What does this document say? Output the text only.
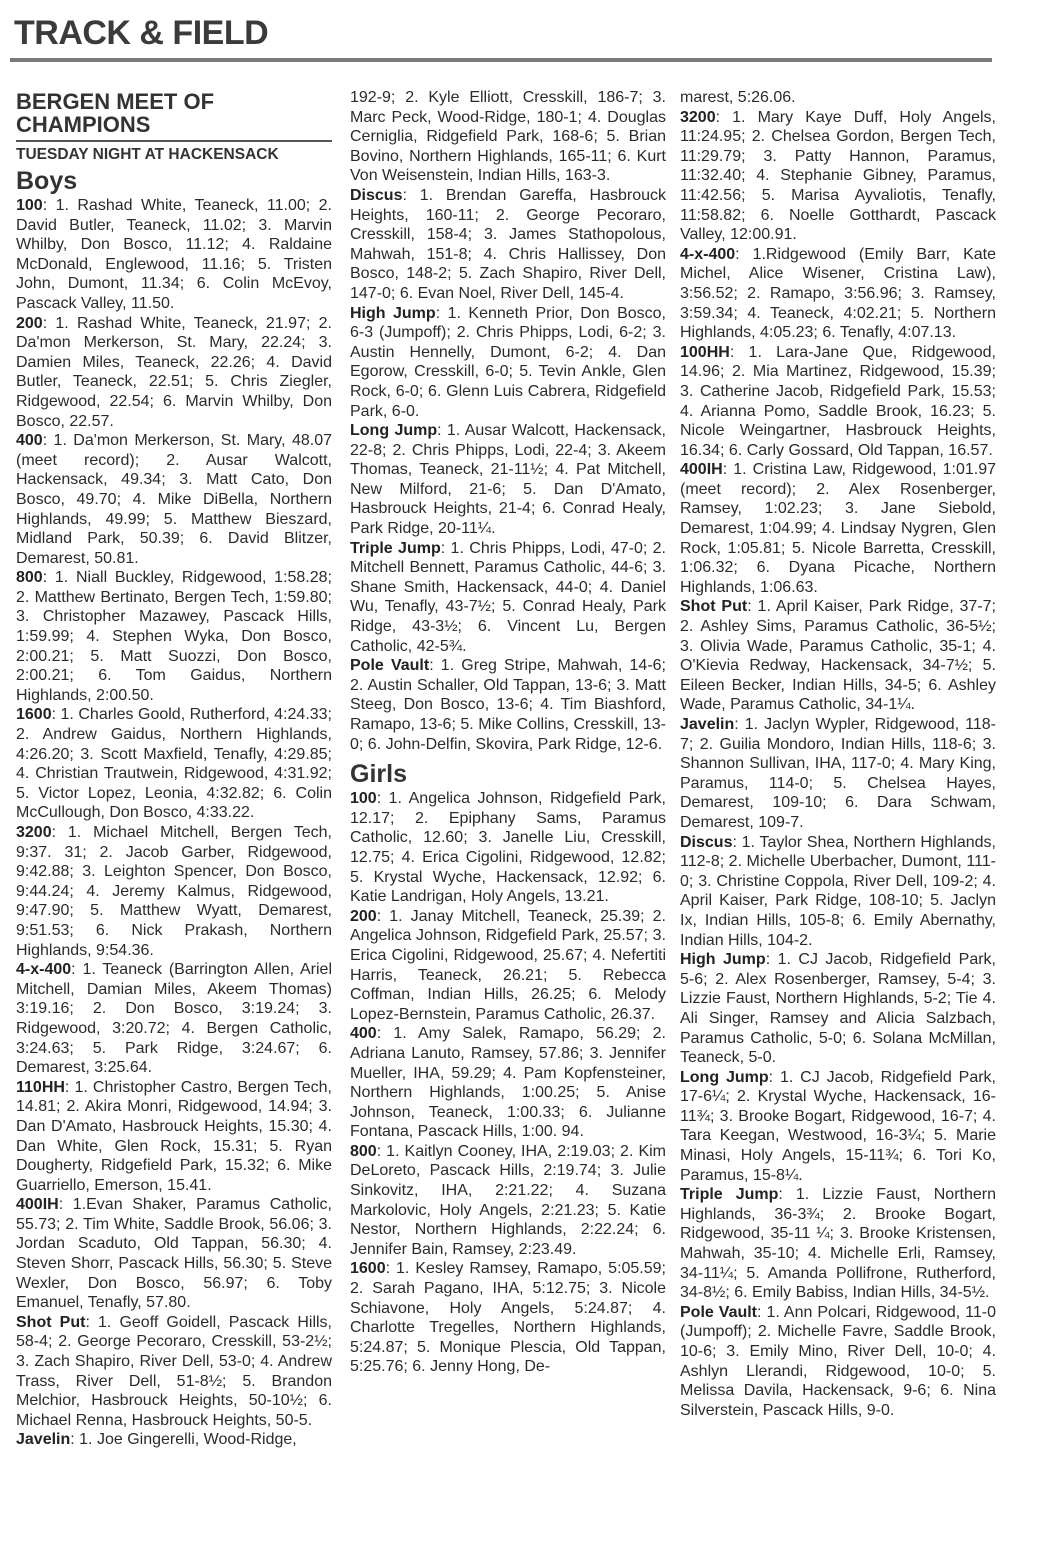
TRACK & FIELD
BERGEN MEET OF CHAMPIONS
TUESDAY NIGHT AT HACKENSACK
Boys

100: 1. Rashad White, Teaneck, 11.00; 2. David Butler, Teaneck, 11.02; 3. Marvin Whilby, Don Bosco, 11.12; 4. Raldaine McDonald, Englewood, 11.16; 5. Tristen John, Dumont, 11.34; 6. Colin McEvoy, Pascack Valley, 11.50.

200: 1. Rashad White, Teaneck, 21.97; 2. Da'mon Merkerson, St. Mary, 22.24; 3. Damien Miles, Teaneck, 22.26; 4. David Butler, Teaneck, 22.51; 5. Chris Ziegler, Ridgewood, 22.54; 6. Marvin Whilby, Don Bosco, 22.57.

400: 1. Da'mon Merkerson, St. Mary, 48.07 (meet record); 2. Ausar Walcott, Hackensack, 49.34; 3. Matt Cato, Don Bosco, 49.70; 4. Mike DiBella, Northern Highlands, 49.99; 5. Matthew Bieszard, Midland Park, 50.39; 6. David Blitzer, Demarest, 50.81.

800: 1. Niall Buckley, Ridgewood, 1:58.28; 2. Matthew Bertinato, Bergen Tech, 1:59.80; 3. Christopher Mazawey, Pascack Hills, 1:59.99; 4. Stephen Wyka, Don Bosco, 2:00.21; 5. Matt Suozzi, Don Bosco, 2:00.21; 6. Tom Gaidus, Northern Highlands, 2:00.50.

1600: 1. Charles Goold, Rutherford, 4:24.33; 2. Andrew Gaidus, Northern Highlands, 4:26.20; 3. Scott Maxfield, Tenafly, 4:29.85; 4. Christian Trautwein, Ridgewood, 4:31.92; 5. Victor Lopez, Leonia, 4:32.82; 6. Colin McCullough, Don Bosco, 4:33.22.

3200: 1. Michael Mitchell, Bergen Tech, 9:37. 31; 2. Jacob Garber, Ridgewood, 9:42.88; 3. Leighton Spencer, Don Bosco, 9:44.24; 4. Jeremy Kalmus, Ridgewood, 9:47.90; 5. Matthew Wyatt, Demarest, 9:51.53; 6. Nick Prakash, Northern Highlands, 9:54.36.

4-x-400: 1. Teaneck (Barrington Allen, Ariel Mitchell, Damian Miles, Akeem Thomas) 3:19.16; 2. Don Bosco, 3:19.24; 3. Ridgewood, 3:20.72; 4. Bergen Catholic, 3:24.63; 5. Park Ridge, 3:24.67; 6. Demarest, 3:25.64.

110HH: 1. Christopher Castro, Bergen Tech, 14.81; 2. Akira Monri, Ridgewood, 14.94; 3. Dan D'Amato, Hasbrouck Heights, 15.30; 4. Dan White, Glen Rock, 15.31; 5. Ryan Dougherty, Ridgefield Park, 15.32; 6. Mike Guarriello, Emerson, 15.41.

400IH: 1.Evan Shaker, Paramus Catholic, 55.73; 2. Tim White, Saddle Brook, 56.06; 3. Jordan Scaduto, Old Tappan, 56.30; 4. Steven Shorr, Pascack Hills, 56.30; 5. Steve Wexler, Don Bosco, 56.97; 6. Toby Emanuel, Tenafly, 57.80.

Shot Put: 1. Geoff Goidell, Pascack Hills, 58-4; 2. George Pecoraro, Cresskill, 53-2½; 3. Zach Shapiro, River Dell, 53-0; 4. Andrew Trass, River Dell, 51-8½; 5. Brandon Melchior, Hasbrouck Heights, 50-10½; 6. Michael Renna, Hasbrouck Heights, 50-5.

Javelin: 1. Joe Gingerelli, Wood-Ridge,

192-9; 2. Kyle Elliott, Cresskill, 186-7; 3. Marc Peck, Wood-Ridge, 180-1; 4. Douglas Cerniglia, Ridgefield Park, 168-6; 5. Brian Bovino, Northern Highlands, 165-11; 6. Kurt Von Weisenstein, Indian Hills, 163-3.

Discus: 1. Brendan Gareffa, Hasbrouck Heights, 160-11; 2. George Pecoraro, Cresskill, 158-4; 3. James Stathopolous, Mahwah, 151-8; 4. Chris Hallissey, Don Bosco, 148-2; 5. Zach Shapiro, River Dell, 147-0; 6. Evan Noel, River Dell, 145-4.

High Jump: 1. Kenneth Prior, Don Bosco, 6-3 (Jumpoff); 2. Chris Phipps, Lodi, 6-2; 3. Austin Hennelly, Dumont, 6-2; 4. Dan Egorow, Cresskill, 6-0; 5. Tevin Ankle, Glen Rock, 6-0; 6. Glenn Luis Cabrera, Ridgefield Park, 6-0.

Long Jump: 1. Ausar Walcott, Hackensack, 22-8; 2. Chris Phipps, Lodi, 22-4; 3. Akeem Thomas, Teaneck, 21-11½; 4. Pat Mitchell, New Milford, 21-6; 5. Dan D'Amato, Hasbrouck Heights, 21-4; 6. Conrad Healy, Park Ridge, 20-11¼.

Triple Jump: 1. Chris Phipps, Lodi, 47-0; 2. Mitchell Bennett, Paramus Catholic, 44-6; 3. Shane Smith, Hackensack, 44-0; 4. Daniel Wu, Tenafly, 43-7½; 5. Conrad Healy, Park Ridge, 43-3½; 6. Vincent Lu, Bergen Catholic, 42-5¾.

Pole Vault: 1. Greg Stripe, Mahwah, 14-6; 2. Austin Schaller, Old Tappan, 13-6; 3. Matt Steeg, Don Bosco, 13-6; 4. Tim Biashford, Ramapo, 13-6; 5. Mike Collins, Cresskill, 13-0; 6. John-Delfin, Skovira, Park Ridge, 12-6.

Girls

100: 1. Angelica Johnson, Ridgefield Park, 12.17; 2. Epiphany Sams, Paramus Catholic, 12.60; 3. Janelle Liu, Cresskill, 12.75; 4. Erica Cigolini, Ridgewood, 12.82; 5. Krystal Wyche, Hackensack, 12.92; 6. Katie Landrigan, Holy Angels, 13.21.

200: 1. Janay Mitchell, Teaneck, 25.39; 2. Angelica Johnson, Ridgefield Park, 25.57; 3. Erica Cigolini, Ridgewood, 25.67; 4. Nefertiti Harris, Teaneck, 26.21; 5. Rebecca Coffman, Indian Hills, 26.25; 6. Melody Lopez-Bernstein, Paramus Catholic, 26.37.

400: 1. Amy Salek, Ramapo, 56.29; 2. Adriana Lanuto, Ramsey, 57.86; 3. Jennifer Mueller, IHA, 59.29; 4. Pam Kopfensteiner, Northern Highlands, 1:00.25; 5. Anise Johnson, Teaneck, 1:00.33; 6. Julianne Fontana, Pascack Hills, 1:00. 94.

800: 1. Kaitlyn Cooney, IHA, 2:19.03; 2. Kim DeLoreto, Pascack Hills, 2:19.74; 3. Julie Sinkovitz, IHA, 2:21.22; 4. Suzana Markolovic, Holy Angels, 2:21.23; 5. Katie Nestor, Northern Highlands, 2:22.24; 6. Jennifer Bain, Ramsey, 2:23.49.

1600: 1. Kesley Ramsey, Ramapo, 5:05.59; 2. Sarah Pagano, IHA, 5:12.75; 3. Nicole Schiavone, Holy Angels, 5:24.87; 4. Charlotte Tregelles, Northern Highlands, 5:24.87; 5. Monique Plescia, Old Tappan, 5:25.76; 6. Jenny Hong, De-

marest, 5:26.06.

3200: 1. Mary Kaye Duff, Holy Angels, 11:24.95; 2. Chelsea Gordon, Bergen Tech, 11:29.79; 3. Patty Hannon, Paramus, 11:32.40; 4. Stephanie Gibney, Paramus, 11:42.56; 5. Marisa Ayvaliotis, Tenafly, 11:58.82; 6. Noelle Gotthardt, Pascack Valley, 12:00.91.

4-x-400: 1.Ridgewood (Emily Barr, Kate Michel, Alice Wisener, Cristina Law), 3:56.52; 2. Ramapo, 3:56.96; 3. Ramsey, 3:59.34; 4. Teaneck, 4:02.21; 5. Northern Highlands, 4:05.23; 6. Tenafly, 4:07.13.

100HH: 1. Lara-Jane Que, Ridgewood, 14.96; 2. Mia Martinez, Ridgewood, 15.39; 3. Catherine Jacob, Ridgefield Park, 15.53; 4. Arianna Pomo, Saddle Brook, 16.23; 5. Nicole Weingartner, Hasbrouck Heights, 16.34; 6. Carly Gossard, Old Tappan, 16.57.

400IH: 1. Cristina Law, Ridgewood, 1:01.97 (meet record); 2. Alex Rosenberger, Ramsey, 1:02.23; 3. Jane Siebold, Demarest, 1:04.99; 4. Lindsay Nygren, Glen Rock, 1:05.81; 5. Nicole Barretta, Cresskill, 1:06.32; 6. Dyana Picache, Northern Highlands, 1:06.63.

Shot Put: 1. April Kaiser, Park Ridge, 37-7; 2. Ashley Sims, Paramus Catholic, 36-5½; 3. Olivia Wade, Paramus Catholic, 35-1; 4. O'Kievia Redway, Hackensack, 34-7½; 5. Eileen Becker, Indian Hills, 34-5; 6. Ashley Wade, Paramus Catholic, 34-1¼.

Javelin: 1. Jaclyn Wypler, Ridgewood, 118-7; 2. Guilia Mondoro, Indian Hills, 118-6; 3. Shannon Sullivan, IHA, 117-0; 4. Mary King, Paramus, 114-0; 5. Chelsea Hayes, Demarest, 109-10; 6. Dara Schwam, Demarest, 109-7.

Discus: 1. Taylor Shea, Northern Highlands, 112-8; 2. Michelle Uberbacher, Dumont, 111-0; 3. Christine Coppola, River Dell, 109-2; 4. April Kaiser, Park Ridge, 108-10; 5. Jaclyn Ix, Indian Hills, 105-8; 6. Emily Abernathy, Indian Hills, 104-2.

High Jump: 1. CJ Jacob, Ridgefield Park, 5-6; 2. Alex Rosenberger, Ramsey, 5-4; 3. Lizzie Faust, Northern Highlands, 5-2; Tie 4. Ali Singer, Ramsey and Alicia Salzbach, Paramus Catholic, 5-0; 6. Solana McMillan, Teaneck, 5-0.

Long Jump: 1. CJ Jacob, Ridgefield Park, 17-6¼; 2. Krystal Wyche, Hackensack, 16-11¾; 3. Brooke Bogart, Ridgewood, 16-7; 4. Tara Keegan, Westwood, 16-3¼; 5. Marie Minasi, Holy Angels, 15-11¾; 6. Tori Ko, Paramus, 15-8¼.

Triple Jump: 1. Lizzie Faust, Northern Highlands, 36-3¾; 2. Brooke Bogart, Ridgewood, 35-11 ¼; 3. Brooke Kristensen, Mahwah, 35-10; 4. Michelle Erli, Ramsey, 34-11¼; 5. Amanda Pollifrone, Rutherford, 34-8½; 6. Emily Babiss, Indian Hills, 34-5½.

Pole Vault: 1. Ann Polcari, Ridgewood, 11-0 (Jumpoff); 2. Michelle Favre, Saddle Brook, 10-6; 3. Emily Mino, River Dell, 10-0; 4. Ashlyn Llerandi, Ridgewood, 10-0; 5. Melissa Davila, Hackensack, 9-6; 6. Nina Silverstein, Pascack Hills, 9-0.
